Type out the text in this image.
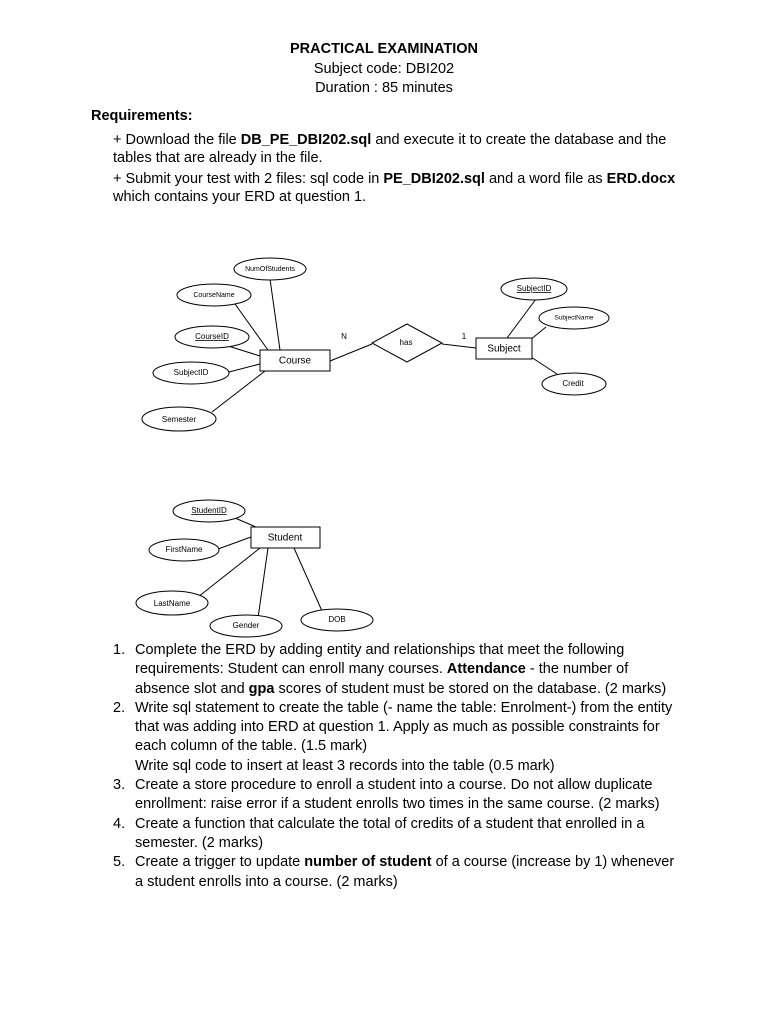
PRACTICAL EXAMINATION
Subject code: DBI202
Duration : 85 minutes
Requirements:
+ Download the file DB_PE_DBI202.sql and execute it to create the database and the tables that are already in the file.
+ Submit your test with 2 files: sql code in PE_DBI202.sql and a word file as ERD.docx which contains your ERD at question 1.
NumOfStudents
CourseName
CourseID
SubjectID
Semester
Course
has
N	1
SubjectID
SubjectName
Credit
Subject
StudentID
FirstName
LastName
Gender
DOB
Student
1. Complete the ERD by adding entity and relationships that meet the following requirements: Student can enroll many courses. Attendance - the number of absence slot and gpa scores of student must be stored on the database. (2 marks)
2. Write sql statement to create the table (- name the table: Enrolment-) from the entity that was adding into ERD at question 1. Apply as much as possible constraints for each column of the table. (1.5 mark)
Write sql code to insert at least 3 records into the table (0.5 mark)
3. Create a store procedure to enroll a student into a course. Do not allow duplicate enrollment: raise error if a student enrolls two times in the same course. (2 marks)
4. Create a function that calculate the total of credits of a student that enrolled in a semester. (2 marks)
5. Create a trigger to update number of student of a course (increase by 1) whenever a student enrolls into a course. (2 marks)
